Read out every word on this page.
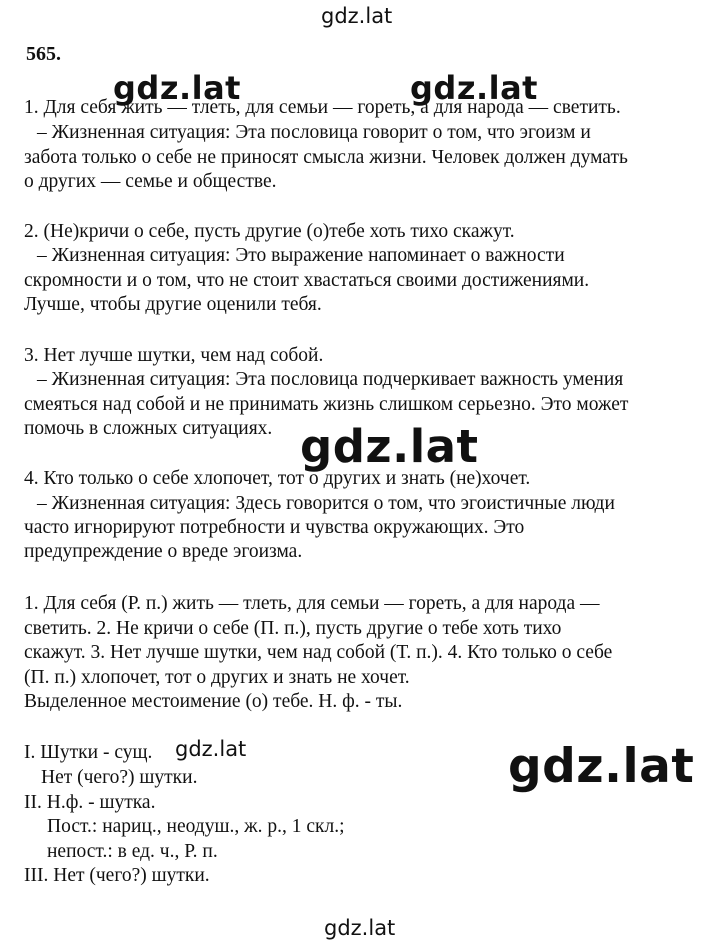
gdz.lat
gdz.lat	gdz.lat
gdz.lat
gdz.lat	gdz.lat
gdz.lat
565.
1. Для себя жить — тлеть, для семьи — гореть, а для народа — светить.
– Жизненная ситуация: Эта пословица говорит о том, что эгоизм и
забота только о себе не приносят смысла жизни. Человек должен думать
о других — семье и обществе.
2. (Не)кричи о себе, пусть другие (о)тебе хоть тихо скажут.
– Жизненная ситуация: Это выражение напоминает о важности
скромности и о том, что не стоит хвастаться своими достижениями.
Лучше, чтобы другие оценили тебя.
3. Нет лучше шутки, чем над собой.
– Жизненная ситуация: Эта пословица подчеркивает важность умения
смеяться над собой и не принимать жизнь слишком серьезно. Это может
помочь в сложных ситуациях.
4. Кто только о себе хлопочет, тот о других и знать (не)хочет.
– Жизненная ситуация: Здесь говорится о том, что эгоистичные люди
часто игнорируют потребности и чувства окружающих. Это
предупреждение о вреде эгоизма.
1. Для себя (Р. п.) жить — тлеть, для семьи — гореть, а для народа —
светить. 2. Не кричи о себе (П. п.), пусть другие о тебе хоть тихо
скажут. 3. Нет лучше шутки, чем над собой (Т. п.). 4. Кто только о себе
(П. п.) хлопочет, тот о других и знать не хочет.
Выделенное местоимение (о) тебе. Н. ф. - ты.
I. Шутки - сущ.
Нет (чего?) шутки.
II. Н.ф. - шутка.
Пост.: нариц., неодуш., ж. р., 1 скл.;
непост.: в ед. ч., Р. п.
III. Нет (чего?) шутки.
